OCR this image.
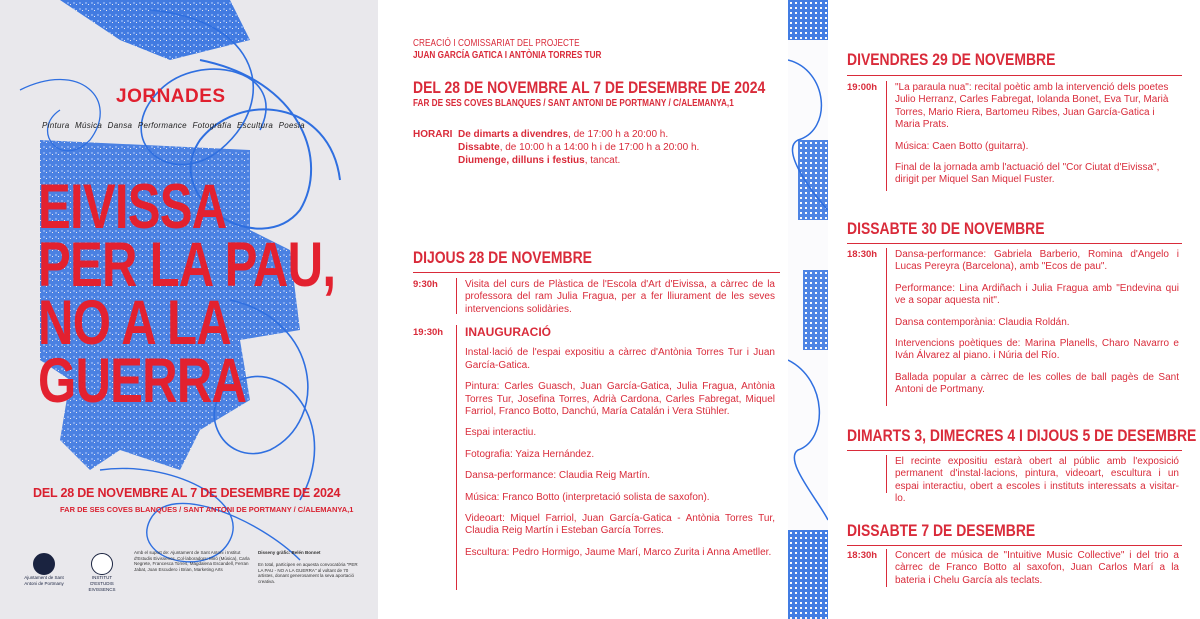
JORNADES
Pintura Música Dansa Performance Fotografia Escultura Poesia
EIVISSA
PER LA PAU,
NO A LA
GUERRA
DEL 28 DE NOVEMBRE AL 7 DE DESEMBRE DE 2024
FAR DE SES COVES BLANQUES / SANT ANTONI DE PORTMANY / C/ALEMANYA,1
Ajuntament de Sant Antoni de Portmany
INSTITUT D'ESTUDIS EIVISSENCS
Amb el suport de: Ajuntament de Sant Antoni i Institut d'Estudis Eivissencs. Col·laboradors: Miró (Música), Carla Negrete, Francesca Torres, Magdalena Escandell, Ferran Jabat, Joan Escudero i Brian, Marketing Arts
Disseny gràfic: Belén Bonnet
En total, participen en aquesta convocatòria "PER LA PAU - NO A LA GUERRA" al voltant de 70 artistes, donant generosament la seva aportació creativa.
CREACIÓ I COMISSARIAT DEL PROJECTE
JUAN GARCÍA GATICA I ANTÒNIA TORRES TUR
DEL 28 DE NOVEMBRE AL 7 DE DESEMBRE DE 2024
FAR DE SES COVES BLANQUES / SANT ANTONI DE PORTMANY / C/ALEMANYA,1
HORARI De dimarts a divendres, de 17:00 h a 20:00 h.
Dissabte, de 10:00 h a 14:00 h i de 17:00 h a 20:00 h.
Diumenge, dilluns i festius, tancat.
DIJOUS 28 DE NOVEMBRE
9:30h	Visita del curs de Plàstica de l'Escola d'Art d'Eivissa, a càrrec de la professora del ram Julia Fragua, per a fer lliurament de les seves intervencions solidàries.
19:30h INAUGURACIÓ

Instal·lació de l'espai expositiu a càrrec d'Antònia Torres Tur i Juan García-Gatica.

Pintura: Carles Guasch, Juan García-Gatica, Julia Fragua, Antònia Torres Tur, Josefina Torres, Adrià Cardona, Carles Fabregat, Miquel Farriol, Franco Botto, Danchú, María Catalán i Vera Stühler.

Espai interactiu.

Fotografia: Yaiza Hernández.

Dansa-performance: Claudia Reig Martín.

Música: Franco Botto (interpretació solista de saxofon).

Videoart: Miquel Farriol, Juan García-Gatica - Antònia Torres Tur, Claudia Reig Martín i Esteban García Torres.

Escultura: Pedro Hormigo, Jaume Marí, Marco Zurita i Anna Ametller.

DIVENDRES 29 DE NOVEMBRE
19:00h "La paraula nua": recital poètic amb la intervenció dels poetes Julio Herranz, Carles Fabregat, Iolanda Bonet, Eva Tur, Marià Torres, Mario Riera, Bartomeu Ribes, Juan García-Gatica i Maria Prats.

Música: Caen Botto (guitarra).

Final de la jornada amb l'actuació del "Cor Ciutat d'Eivissa", dirigit per Miquel San Miquel Fuster.

DISSABTE 30 DE NOVEMBRE
18:30h Dansa-performance: Gabriela Barberio, Romina d'Angelo i Lucas Pereyra (Barcelona), amb "Ecos de pau".

Performance: Lina Ardiñach i Julia Fragua amb "Endevina qui ve a sopar aquesta nit".

Dansa contemporània: Claudia Roldán.

Intervencions poètiques de: Marina Planells, Charo Navarro e Iván Álvarez al piano. i Núria del Río.

Ballada popular a càrrec de les colles de ball pagès de Sant Antoni de Portmany.

DIMARTS 3, DIMECRES 4 I DIJOUS 5 DE DESEMBRE
El recinte expositiu estarà obert al públic amb l'exposició permanent d'instal·lacions, pintura, videoart, escultura i un espai interactiu, obert a escoles i instituts interessats a visitar-lo.
DISSABTE 7 DE DESEMBRE
18:30h Concert de música de "Intuitive Music Collective" i del trio a càrrec de Franco Botto al saxofon, Juan Carlos Marí a la bateria i Chelu García als teclats.
